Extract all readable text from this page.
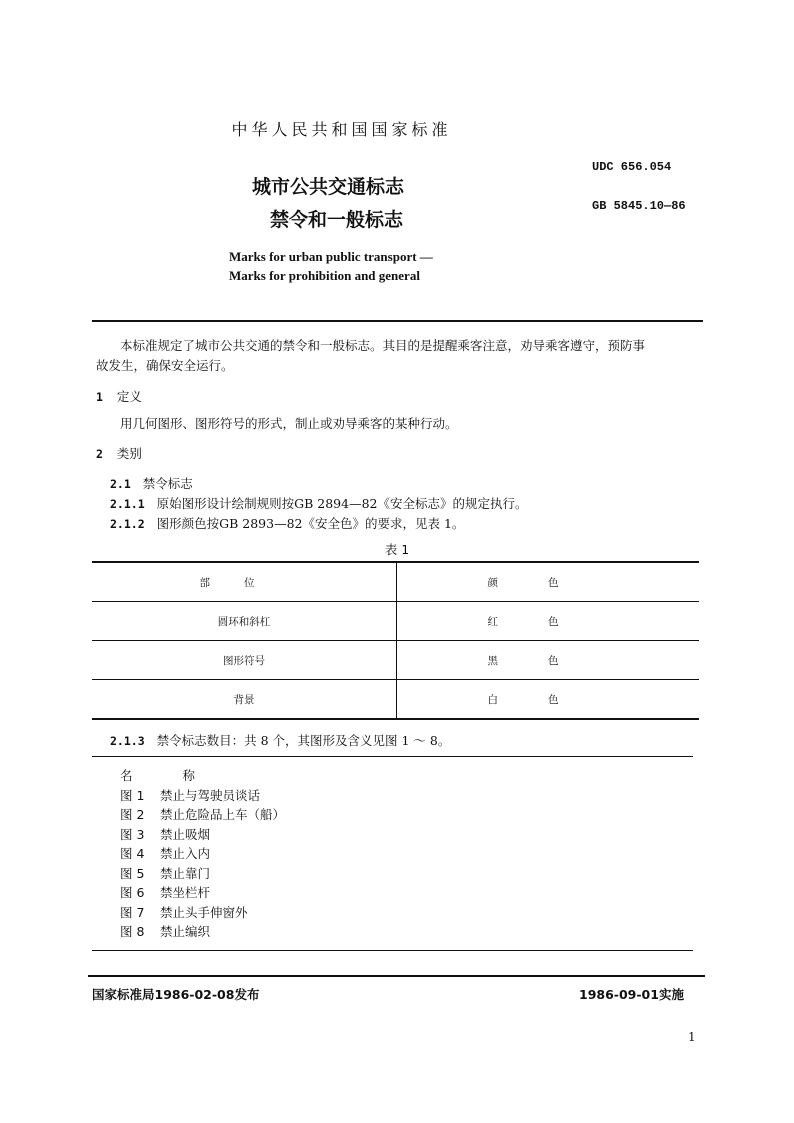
中华人民共和国国家标准
UDC 656.054
GB 5845.10—86
城市公共交通标志
禁令和一般标志
Marks for urban public transport —
Marks for prohibition and general
本标准规定了城市公共交通的禁令和一般标志。其目的是提醒乘客注意，劝导乘客遵守，预防事
故发生，确保安全运行。
1 定义
用几何图形、图形符号的形式，制止或劝导乘客的某种行动。
2 类别
2.1 禁令标志
2.1.1 原始图形设计绘制规则按GB 2894—82《安全标志》的规定执行。
2.1.2 图形颜色按GB 2893—82《安全色》的要求，见表 1。
表 1
部位	颜色
圆环和斜杠	红色
图形符号	黑色
背景	白色
2.1.3 禁令标志数目：共 8 个，其图形及含义见图 1 ～ 8。
名称
图 1 禁止与驾驶员谈话
图 2 禁止危险品上车（船）
图 3 禁止吸烟
图 4 禁止入内
图 5 禁止靠门
图 6 禁坐栏杆
图 7 禁止头手伸窗外
图 8 禁止编织
国家标准局1986-02-08发布	1986-09-01实施
1
